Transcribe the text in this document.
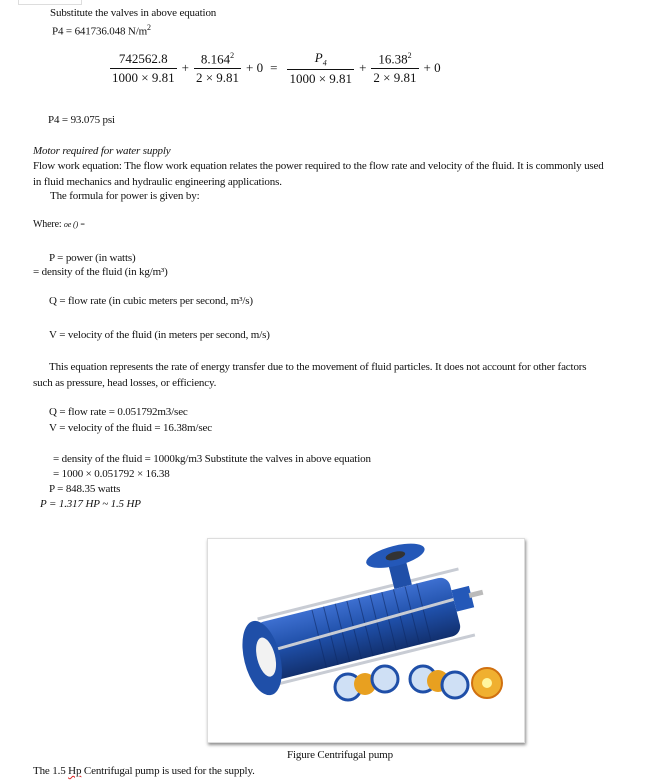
Substitute the valves in above equation
P4 = 641736.048 $N/m^2$
$\frac{742562.8}{1000 \times 9.81} + \frac{8.164^2}{2 \times 9.81} + 0 = \frac{P_4}{1000 \times 9.81} + \frac{16.38^2}{2 \times 9.81} + 0$
P4 = 93.075 psi
Motor required for water supply
Flow work equation: The flow work equation relates the power required to the flow rate and velocity of the fluid. It is commonly used
in fluid mechanics and hydraulic engineering applications.
The formula for power is given by:
Where: oe () =
P = power (in watts)
= density of the fluid (in kg/m³)
Q = flow rate (in cubic meters per second, m³/s)
V = velocity of the fluid (in meters per second, m/s)
This equation represents the rate of energy transfer due to the movement of fluid particles. It does not account for other factors
such as pressure, head losses, or efficiency.
Q = flow rate = 0.051792m3/sec
V = velocity of the fluid = 16.38m/sec
= density of the fluid = 1000kg/m3 Substitute the valves in above equation
= 1000 × 0.051792 × 16.38
P = 848.35 watts
P = 1.317 HP ~ 1.5 HP
Figure Centrifugal pump
The 1.5 Hp Centrifugal pump is used for the supply.
